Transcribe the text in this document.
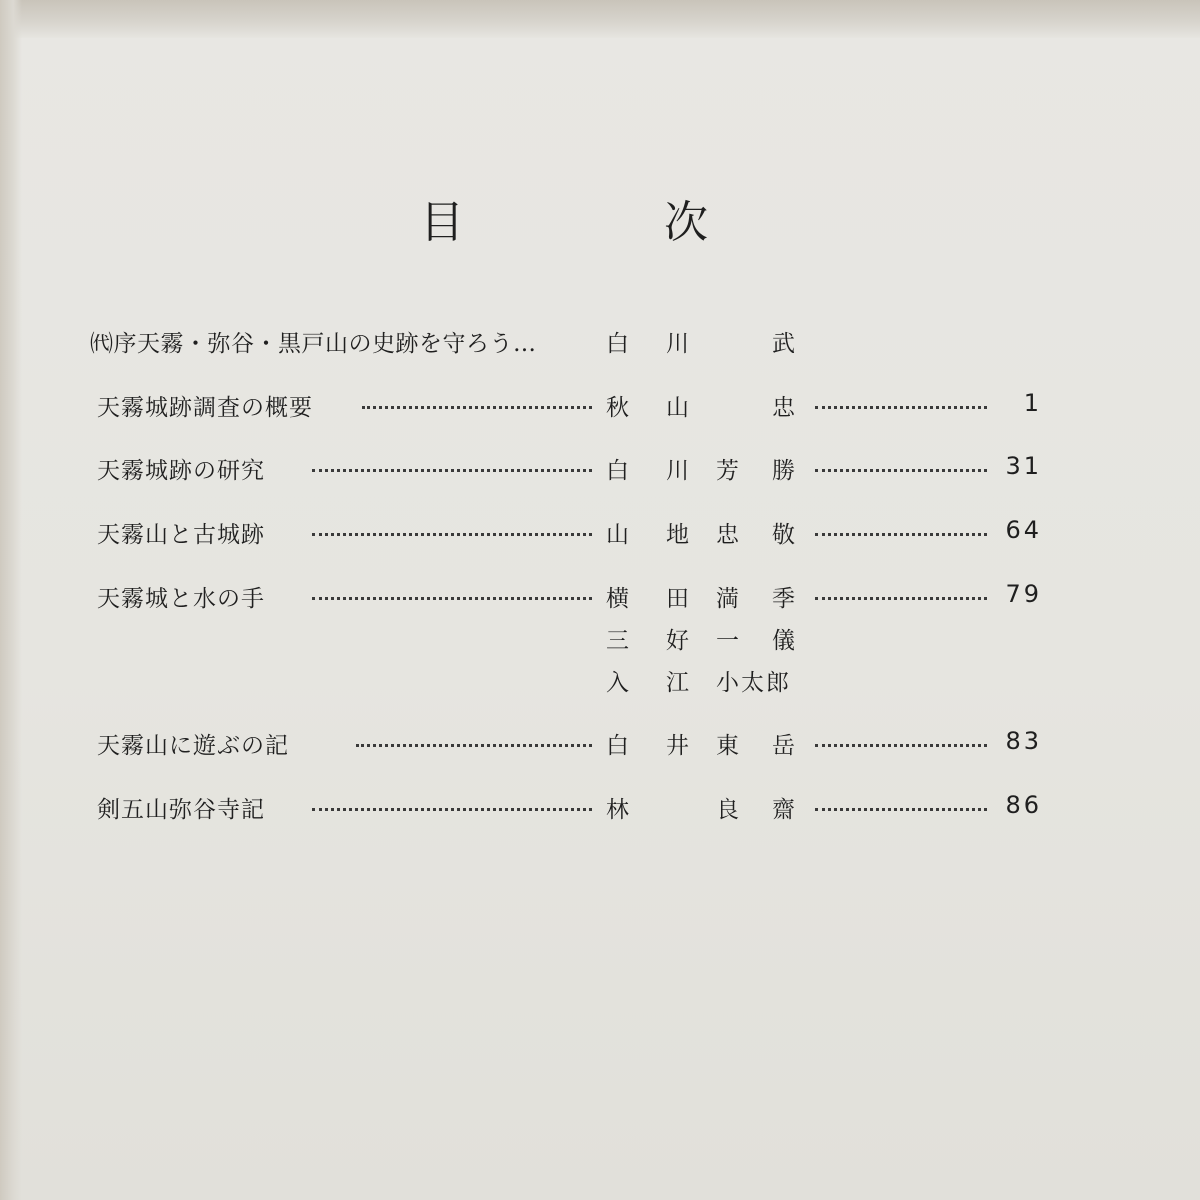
目	次
㈹序天霧・弥谷・黒戸山の史跡を守ろう…	白 川	武
天霧城跡調査の概要	秋 山	忠	1
天霧城跡の研究	白 川 芳 勝	31
天霧山と古城跡	山 地 忠 敬	64
天霧城と水の手	横 田 満 季	79
三 好 一 儀
入 江 小太郎
天霧山に遊ぶの記	白 井 東 岳	83
剣五山弥谷寺記	林	良 齋	86
